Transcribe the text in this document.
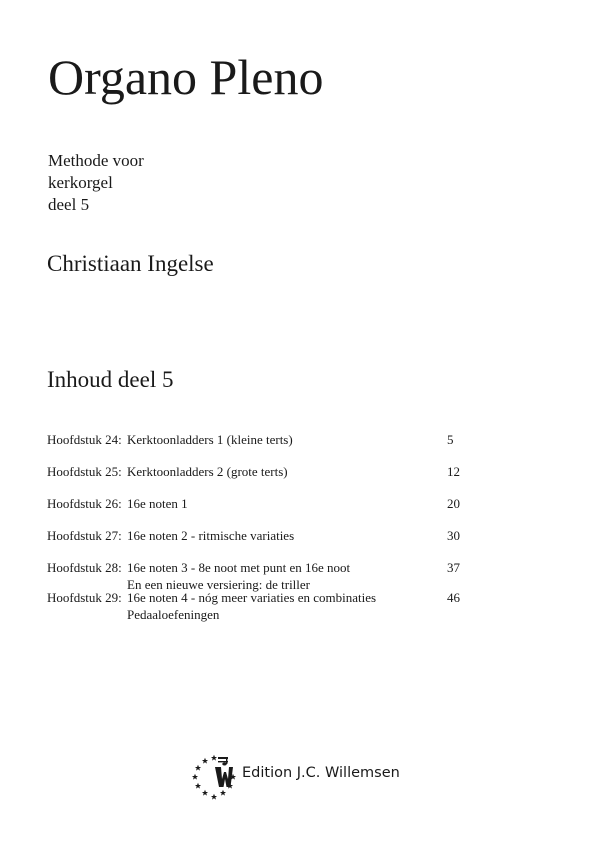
Organo Pleno
Methode voor
kerkorgel
deel 5
Christiaan Ingelse
Inhoud deel 5
Hoofdstuk 24: Kerktoonladders 1 (kleine terts)	5
Hoofdstuk 25: Kerktoonladders 2 (grote terts)	12
Hoofdstuk 26: 16e noten 1	20
Hoofdstuk 27: 16e noten 2 - ritmische variaties	30
Hoofdstuk 28: 16e noten 3 - 8e noot met punt en 16e noot	37
En een nieuwe versiering: de triller
Hoofdstuk 29: 16e noten 4 - nóg meer variaties en combinaties	46
Pedaaloefeningen
Edition J.C. Willemsen
